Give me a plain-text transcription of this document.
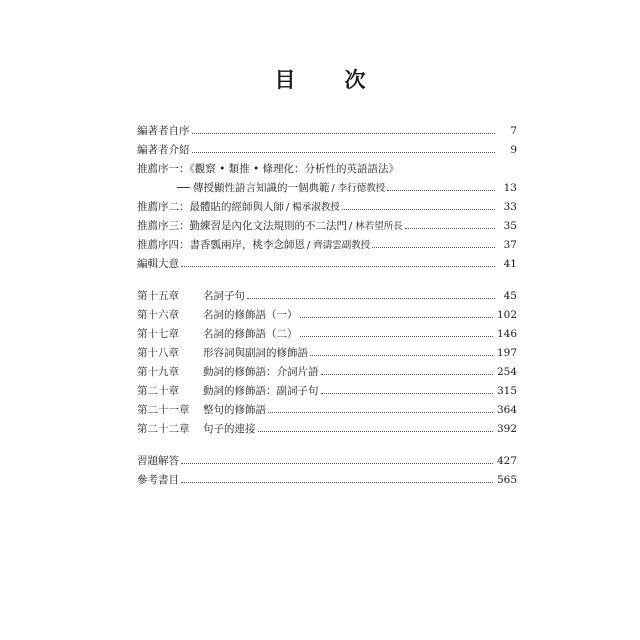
目　次
編著者自序	7
編著者介紹	9
推薦序一：《觀察 • 類推 • 條理化：分析性的英語語法》
── 傳授顯性語言知識的一個典範 / 李行德教授	13
推薦序二：最體貼的經師與人師 / 楊承淑教授	33
推薦序三：勤練習是內化文法規則的不二法門 / 林若望所長	35
推薦序四：書香瓢兩岸，桃李念師恩 / 齊濤雲副教授	37
編輯大意	41
第十五章 名詞子句	45
第十六章 名詞的修飾語（一）	102
第十七章 名詞的修飾語（二）	146
第十八章 形容詞與副詞的修飾語	197
第十九章 動詞的修飾語：介詞片語	254
第二十章 動詞的修飾語：副詞子句	315
第二十一章 整句的修飾語	364
第二十二章 句子的連接	392
習題解答	427
參考書目	565
